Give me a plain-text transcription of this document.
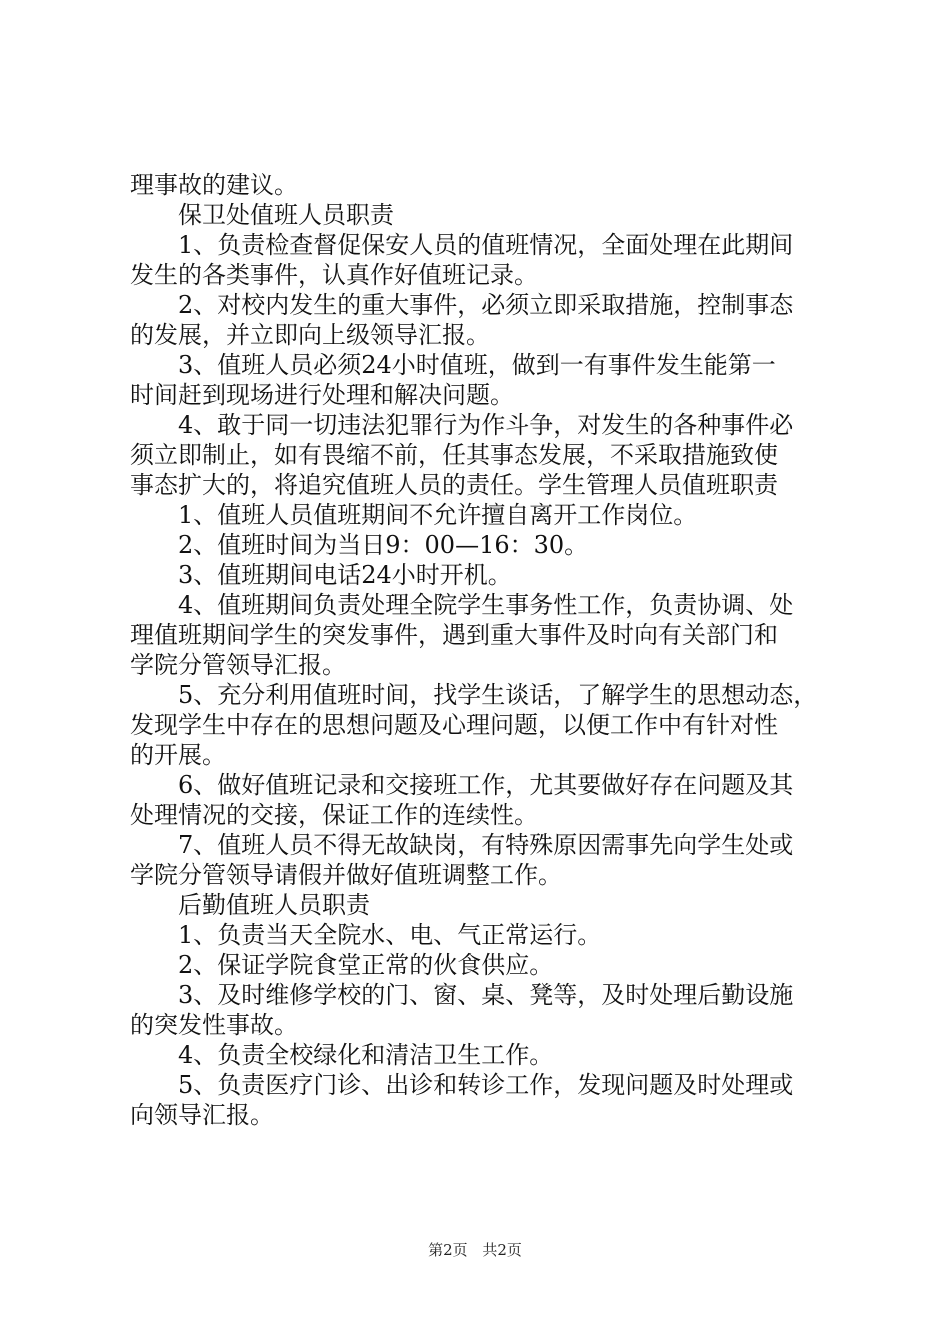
理事故的建议。
保卫处值班人员职责
1、负责检查督促保安人员的值班情况，全面处理在此期间
发生的各类事件，认真作好值班记录。
2、对校内发生的重大事件，必须立即采取措施，控制事态
的发展，并立即向上级领导汇报。
3、值班人员必须24小时值班，做到一有事件发生能第一
时间赶到现场进行处理和解决问题。
4、敢于同一切违法犯罪行为作斗争，对发生的各种事件必
须立即制止，如有畏缩不前，任其事态发展，不采取措施致使
事态扩大的，将追究值班人员的责任。学生管理人员值班职责
1、值班人员值班期间不允许擅自离开工作岗位。
2、值班时间为当日9：00—16：30。
3、值班期间电话24小时开机。
4、值班期间负责处理全院学生事务性工作，负责协调、处
理值班期间学生的突发事件，遇到重大事件及时向有关部门和
学院分管领导汇报。
5、充分利用值班时间，找学生谈话，了解学生的思想动态，
发现学生中存在的思想问题及心理问题，以便工作中有针对性
的开展。
6、做好值班记录和交接班工作，尤其要做好存在问题及其
处理情况的交接，保证工作的连续性。
7、值班人员不得无故缺岗，有特殊原因需事先向学生处或
学院分管领导请假并做好值班调整工作。
后勤值班人员职责
1、负责当天全院水、电、气正常运行。
2、保证学院食堂正常的伙食供应。
3、及时维修学校的门、窗、桌、凳等，及时处理后勤设施
的突发性事故。
4、负责全校绿化和清洁卫生工作。
5、负责医疗门诊、出诊和转诊工作，发现问题及时处理或
向领导汇报。
第2页 共2页
